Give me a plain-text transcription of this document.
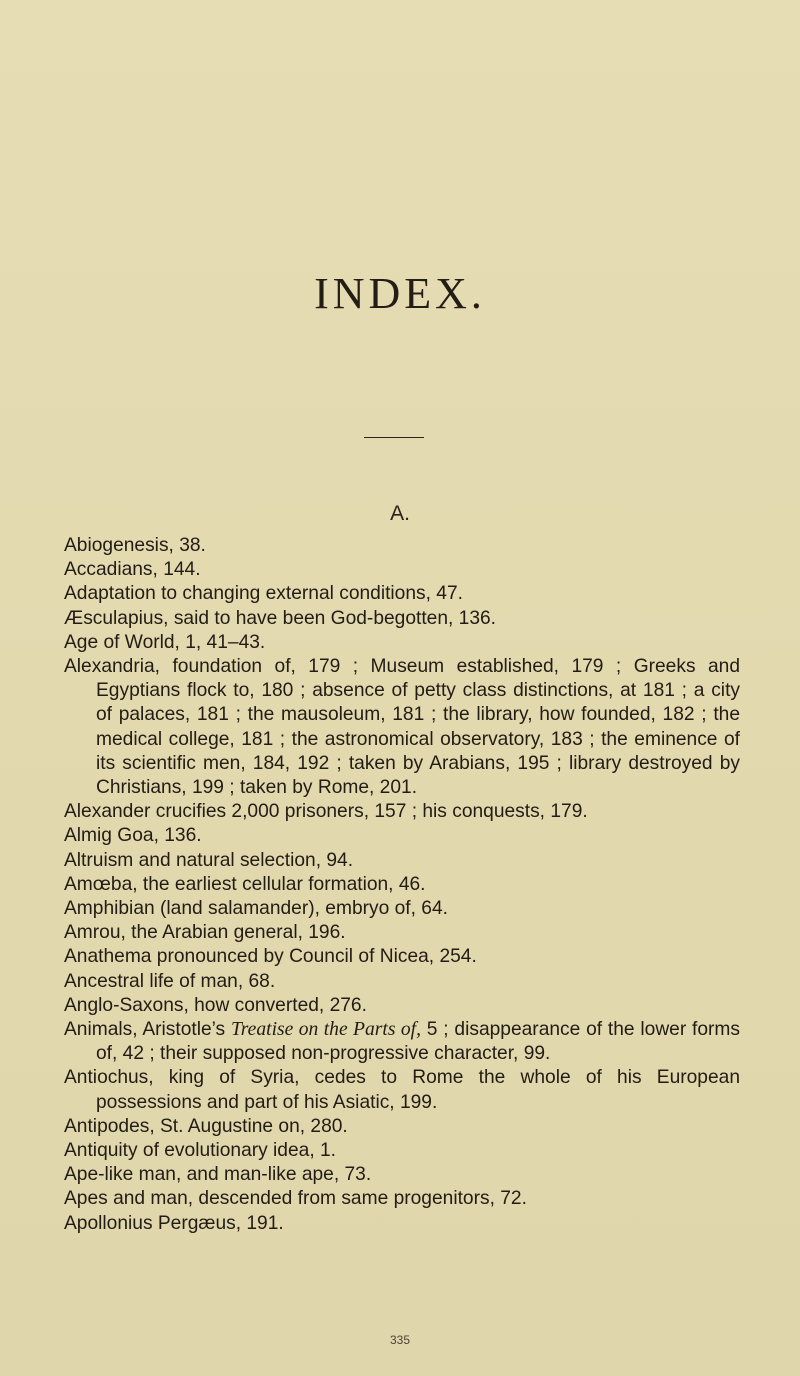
INDEX.
A.
Abiogenesis, 38.
Accadians, 144.
Adaptation to changing external conditions, 47.
Æsculapius, said to have been God-begotten, 136.
Age of World, 1, 41–43.
Alexandria, foundation of, 179 ; Museum established, 179 ; Greeks and Egyptians flock to, 180 ; absence of petty class distinctions, at 181 ; a city of palaces, 181 ; the mausoleum, 181 ; the library, how founded, 182 ; the medical college, 181 ; the astronomical observatory, 183 ; the eminence of its scientific men, 184, 192 ; taken by Arabians, 195 ; library destroyed by Christians, 199 ; taken by Rome, 201.
Alexander crucifies 2,000 prisoners, 157 ; his conquests, 179.
Almig Goa, 136.
Altruism and natural selection, 94.
Amœba, the earliest cellular formation, 46.
Amphibian (land salamander), embryo of, 64.
Amrou, the Arabian general, 196.
Anathema pronounced by Council of Nicea, 254.
Ancestral life of man, 68.
Anglo-Saxons, how converted, 276.
Animals, Aristotle’s Treatise on the Parts of, 5 ; disappearance of the lower forms of, 42 ; their supposed non-progressive character, 99.
Antiochus, king of Syria, cedes to Rome the whole of his European possessions and part of his Asiatic, 199.
Antipodes, St. Augustine on, 280.
Antiquity of evolutionary idea, 1.
Ape-like man, and man-like ape, 73.
Apes and man, descended from same progenitors, 72.
Apollonius Pergæus, 191.
335
